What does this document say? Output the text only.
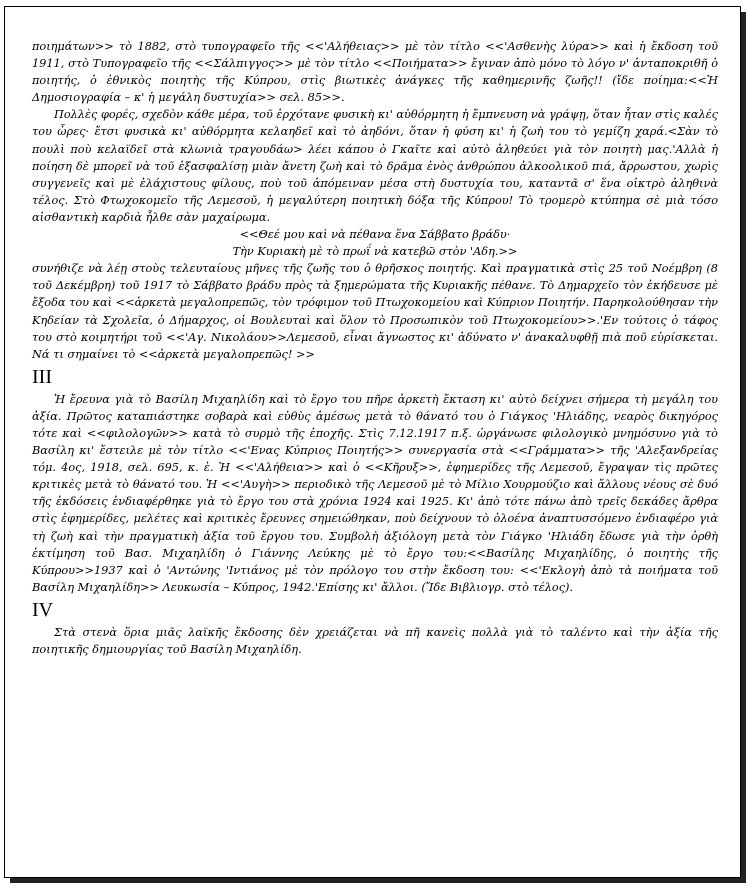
ποιημάτων>> τὸ 1882, στὸ τυπογραφεῖο τῆς <<'Αλήθειας>> μὲ τὸν τίτλο <<'Ασθενὴς λύρα>> καὶ ἡ ἔκδοση τοῦ 1911, στὸ Τυπογραφεῖο τῆς <<Σάλπιγγος>> μὲ τὸν τίτλο <<Ποιήματα>> ἔγιναν ἀπὸ μόνο τὸ λόγο ν' ἀνταποκριθῆ ὁ ποιητής, ὁ ἐθνικὸς ποιητὴς τῆς Κύπρου, στὶς βιωτικὲς ἀνάγκες τῆς καθημερινῆς ζωῆς!! (ἴδε ποίημα:<<Ἡ Δημοσιογραφία – κ' ἡ μεγάλη δυστυχία>> σελ. 85>>.

Πολλὲς φορές, σχεδὸν κάθε μέρα, τοῦ ἐρχότανε φυσικὴ κι' αὐθόρμητη ἡ ἔμπνευση νὰ γράψῃ, ὅταν ἦταν στὶς καλές του ὧρες· ἔτσι φυσικὰ κι' αὐθόρμητα κελαηδεῖ καὶ τὸ ἀηδόνι, ὅταν ἡ φύση κι' ἡ ζωὴ του τὸ γεμίζη χαρά.<Σὰν τὸ πουλὶ ποὺ κελαϊδεῖ στὰ κλωνιὰ τραγουδάω> λέει κάπου ὁ Γκαῖτε καὶ αὐτὸ ἀληθεύει γιὰ τὸν ποιητὴ μας.'Αλλὰ ἡ ποίηση δὲ μπορεῖ νὰ τοῦ ἐξασφαλίσῃ μιὰν ἄνετη ζωὴ καὶ τὸ δρᾶμα ἑνὸς ἀνθρώπου ἀλκοολικοῦ πιά, ἄρρωστου, χωρὶς συγγενεῖς καὶ μὲ ἐλάχιστους φίλους, ποὺ τοῦ ἀπόμειναν μέσα στὴ δυστυχία του, καταντᾶ σ' ἕνα οἰκτρὸ ἀληθινὰ τέλος. Στὸ Φτωχοκομεῖο τῆς Λεμεσοῦ, ἡ μεγαλύτερη ποιητικὴ δόξα τῆς Κύπρου! Τὸ τρομερὸ κτύπημα σὲ μιὰ τόσο αἰσθαντικὴ καρδιὰ ἦλθε σὰν μαχαίρωμα.

<<Θεέ μου καὶ νὰ πέθανα ἕνα Σάββατο βράδυ·

Τὴν Κυριακὴ μὲ τὸ πρωΐ νὰ κατεβῶ στὸν 'Αδη.>>

συνήθιζε νὰ λέῃ στοὺς τελευταίους μῆνες τῆς ζωῆς του ὁ θρῆσκος ποιητής. Καὶ πραγματικὰ στὶς 25 τοῦ Νοέμβρη (8 τοῦ Δεκέμβρη) τοῦ 1917 τὸ Σάββατο βράδυ πρὸς τὰ ξημερώματα τῆς Κυριακῆς πέθανε. Τὸ Δημαρχεῖο τὸν ἐκήδευσε μὲ ἔξοδα του καὶ <<ἀρκετὰ μεγαλοπρεπῶς, τὸν τρόφιμον τοῦ Πτωχοκομείου καὶ Κύπριον Ποιητήν. Παρηκολούθησαν τὴν Κηδείαν τὰ Σχολεῖα, ὁ Δήμαρχος, οἱ Βουλευταὶ καὶ ὅλον τὸ Προσωπικὸν τοῦ Πτωχοκομείου>>.'Εν τούτοις ὁ τάφος του στὸ κοιμητήρι τοῦ <<'Αγ. Νικολάου>>Λεμεσοῦ, εἶναι ἄγνωστος κι' ἀδύνατο ν' ἀνακαλυφθῇ πιὰ ποῦ εὑρίσκεται. Νά τι σημαίνει τὸ <<ἀρκετὰ μεγαλοπρεπῶς! >>

III

Ἡ ἔρευνα γιὰ τὸ Βασίλη Μιχαηλίδη καὶ τὸ ἔργο του πῆρε ἀρκετὴ ἔκταση κι' αὐτὸ δείχνει σήμερα τὴ μεγάλη του ἀξία. Πρῶτος καταπιάστηκε σοβαρὰ καὶ εὐθὺς ἀμέσως μετὰ τὸ θάνατό του ὁ Γιάγκος 'Ηλιάδης, νεαρὸς δικηγόρος τότε καὶ <<φιλολογῶν>> κατὰ τὸ συρμὸ τῆς ἐποχῆς. Στὶς 7.12.1917 π.ξ. ὠργάνωσε φιλολογικὸ μνημόσυνο γιὰ τὸ Βασίλη κι' ἔστειλε μὲ τὸν τίτλο <<'Ενας Κύπριος Ποιητής>> συνεργασία στὰ <<Γράμματα>> τῆς 'Αλεξανδρείας τόμ. 4ος, 1918, σελ. 695, κ. ἑ. Ἡ <<'Αλήθεια>> καὶ ὁ <<Κῆρυξ>>, ἐφημερίδες τῆς Λεμεσοῦ, ἔγραψαν τὶς πρῶτες κριτικὲς μετὰ τὸ θάνατό του. Ἡ <<'Αυγὴ>> περιοδικὸ τῆς Λεμεσοῦ μὲ τὸ Μίλιο Χουρμούζιο καὶ ἄλλους νέους σὲ δυό τῆς ἐκδόσεις ἐνδιαφέρθηκε γιὰ τὸ ἔργο του στὰ χρόνια 1924 καὶ 1925. Κι' ἀπὸ τότε πάνω ἀπὸ τρεῖς δεκάδες ἄρθρα στὶς ἐφημερίδες, μελέτες καὶ κριτικὲς ἔρευνες σημειώθηκαν, ποὺ δείχνουν τὸ ὁλοένα ἀναπτυσσόμενο ἐνδιαφέρο γιὰ τὴ ζωὴ καὶ τὴν πραγματικὴ ἀξία τοῦ ἔργου του. Συμβολὴ ἀξιόλογη μετὰ τὸν Γιάγκο 'Ηλιάδη ἔδωσε γιὰ τὴν ὀρθὴ ἐκτίμηση τοῦ Βασ. Μιχαηλίδη ὁ Γιάννης Λεύκης μὲ τὸ ἔργο του:<<Βασίλης Μιχαηλίδης, ὁ ποιητὴς τῆς Κύπρου>>1937 καὶ ὁ 'Αντώνης 'Ιντιάνος μὲ τὸν πρόλογο του στὴν ἔκδοση του: <<'Εκλογὴ ἀπὸ τὰ ποιήματα τοῦ Βασίλη Μιχαηλίδη>> Λευκωσία – Κύπρος, 1942.'Επίσης κι' ἄλλοι. (Ἴδε Βιβλιογρ. στὸ τέλος).

IV

Στὰ στενὰ ὅρια μιᾶς λαϊκῆς ἔκδοσης δὲν χρειάζεται νὰ πῆ κανεὶς πολλὰ γιὰ τὸ ταλέντο καὶ τὴν ἀξία τῆς ποιητικῆς δημιουργίας τοῦ Βασίλη Μιχαηλίδη.
